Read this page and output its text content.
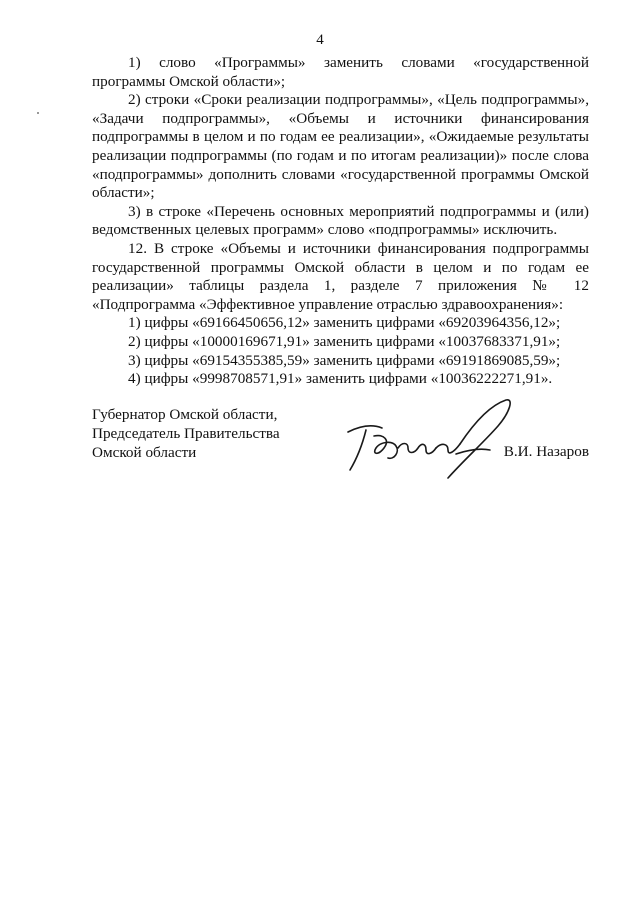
4

1) слово «Программы» заменить словами «государственной программы Омской области»;

2) строки «Сроки реализации подпрограммы», «Цель подпрограммы», «Задачи подпрограммы», «Объемы и источники финансирования подпрограммы в целом и по годам ее реализации», «Ожидаемые результаты реализации подпрограммы (по годам и по итогам реализации)» после слова «подпрограммы» дополнить словами «государственной программы Омской области»;

3) в строке «Перечень основных мероприятий подпрограммы и (или) ведомственных целевых программ» слово «подпрограммы» исключить.

12. В строке «Объемы и источники финансирования подпрограммы государственной программы Омской области в целом и по годам ее реализации» таблицы раздела 1, разделе 7 приложения № 12 «Подпрограмма «Эффективное управление отраслью здравоохранения»:

1) цифры «69166450656,12» заменить цифрами «69203964356,12»;

2) цифры «10000169671,91» заменить цифрами «10037683371,91»;

3) цифры «69154355385,59» заменить цифрами «69191869085,59»;

4) цифры «9998708571,91» заменить цифрами «10036222271,91».

Губернатор Омской области,
Председатель Правительства
Омской области	В.И. Назаров
